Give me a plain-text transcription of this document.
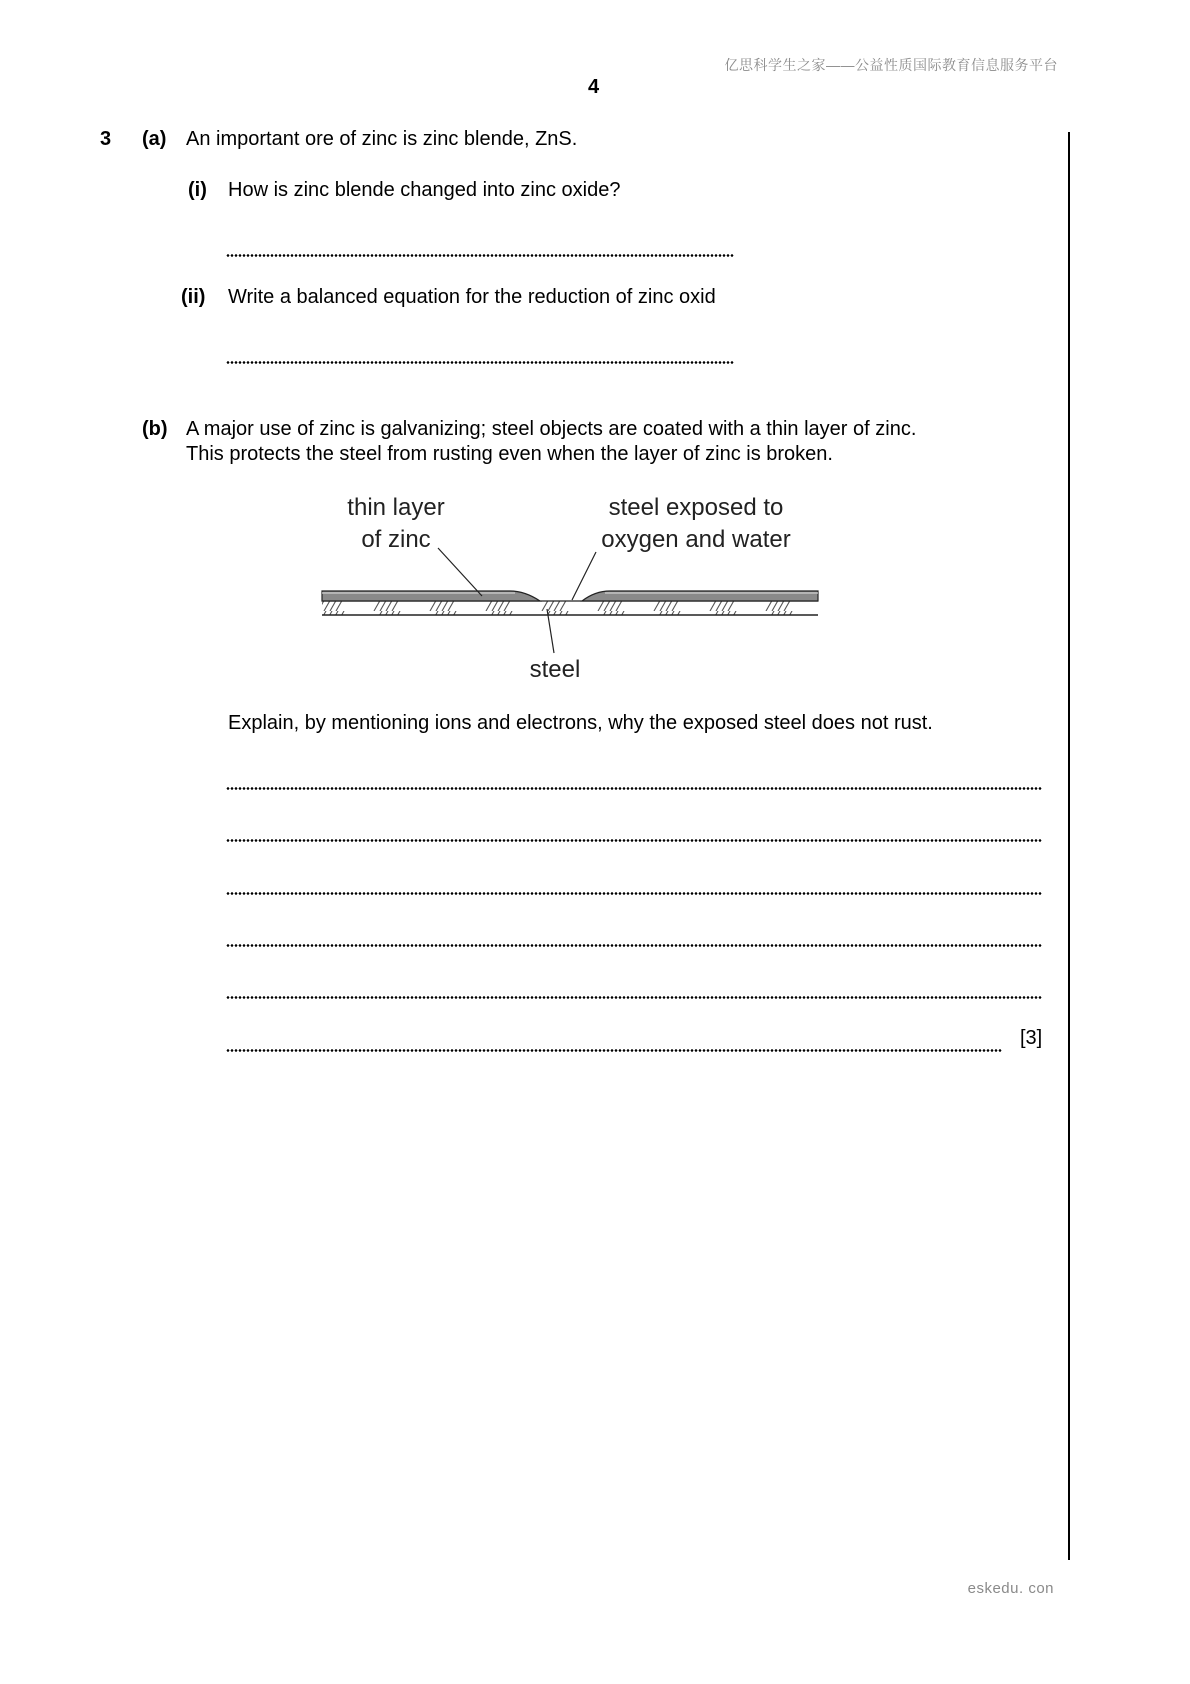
亿思科学生之家——公益性质国际教育信息服务平台
4
3 (a) An important ore of zinc is zinc blende, ZnS.
(i) How is zinc blende changed into zinc oxide?
(ii) Write a balanced equation for the reduction of zinc oxid
(b) A major use of zinc is galvanizing; steel objects are coated with a thin layer of zinc.
This protects the steel from rusting even when the layer of zinc is broken.
thin layer
of zinc
steel exposed to
oxygen and water
steel
Explain, by mentioning ions and electrons, why the exposed steel does not rust.
[3]
eskedu. con
